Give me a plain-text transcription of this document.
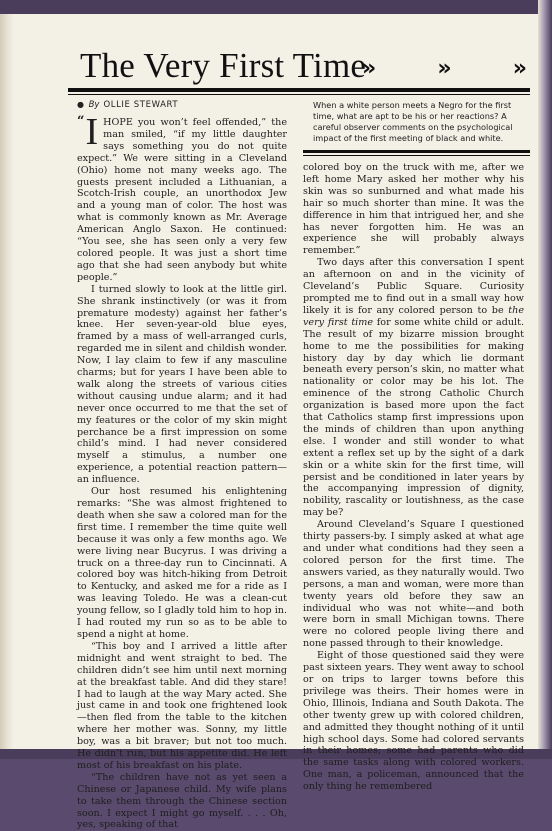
The Very First Time
»	»	»
● By OLLIE STEWART	When a white person meets a Negro for the first time, what are apt to be his or her reactions? A careful observer comments on the psychological impact of the first meeting of black and white.

“ I HOPE you won’t feel offended,” the man smiled, “if my little daughter says something you do not quite expect.” We were sitting in a Cleveland (Ohio) home not many weeks ago. The guests present included a Lithuanian, a Scotch-Irish couple, an unorthodox Jew and a young man of color. The host was what is commonly known as Mr. Average American Anglo Saxon. He continued: “You see, she has seen only a very few colored people. It was just a short time ago that she had seen anybody but white people.”

I turned slowly to look at the little girl. She shrank instinctively (or was it from premature modesty) against her father’s knee. Her seven-year-old blue eyes, framed by a mass of well-arranged curls, regarded me in silent and childish wonder. Now, I lay claim to few if any masculine charms; but for years I have been able to walk along the streets of various cities without causing undue alarm; and it had never once occurred to me that the set of my features or the color of my skin might perchance be a first impression on some child’s mind. I had never considered myself a stimulus, a number one experience, a potential reaction pattern—an influence.

Our host resumed his enlightening remarks: “She was almost frightened to death when she saw a colored man for the first time. I remember the time quite well because it was only a few months ago. We were living near Bucyrus. I was driving a truck on a three-day run to Cincinnati. A colored boy was hitch-hiking from Detroit to Kentucky, and asked me for a ride as I was leaving Toledo. He was a clean-cut young fellow, so I gladly told him to hop in. I had routed my run so as to be able to spend a night at home.

“This boy and I arrived a little after midnight and went straight to bed. The children didn’t see him until next morning at the breakfast table. And did they stare! I had to laugh at the way Mary acted. She just came in and took one frightened look—then fled from the table to the kitchen where her mother was. Sonny, my little boy, was a bit braver; but not too much. He didn’t run, but his appetite did. He left most of his breakfast on his plate.

“The children have not as yet seen a Chinese or Japanese child. My wife plans to take them through the Chinese section soon. I expect I might go myself. . . . Oh, yes, speaking of that

colored boy on the truck with me, after we left home Mary asked her mother why his skin was so sunburned and what made his hair so much shorter than mine. It was the difference in him that intrigued her, and she has never forgotten him. He was an experience she will probably always remember.”

Two days after this conversation I spent an afternoon on and in the vicinity of Cleveland’s Public Square. Curiosity prompted me to find out in a small way how likely it is for any colored person to be the very first time for some white child or adult. The result of my bizarre mission brought home to me the possibilities for making history day by day which lie dormant beneath every person’s skin, no matter what nationality or color may be his lot. The eminence of the strong Catholic Church organization is based more upon the fact that Catholics stamp first impressions upon the minds of children than upon anything else. I wonder and still wonder to what extent a reflex set up by the sight of a dark skin or a white skin for the first time, will persist and be conditioned in later years by the accompanying impression of dignity, nobility, rascality or loutishness, as the case may be?

Around Cleveland’s Square I questioned thirty passers-by. I simply asked at what age and under what conditions had they seen a colored person for the first time. The answers varied, as they naturally would. Two persons, a man and woman, were more than twenty years old before they saw an individual who was not white—and both were born in small Michigan towns. There were no colored people living there and none passed through to their knowledge.

Eight of those questioned said they were past sixteen years. They went away to school or on trips to larger towns before this privilege was theirs. Their homes were in Ohio, Illinois, Indiana and South Dakota. The other twenty grew up with colored children, and admitted they thought nothing of it until high school days. Some had colored servants in their homes; some had parents who did the same tasks along with colored workers. One man, a policeman, announced that the only thing he remembered
